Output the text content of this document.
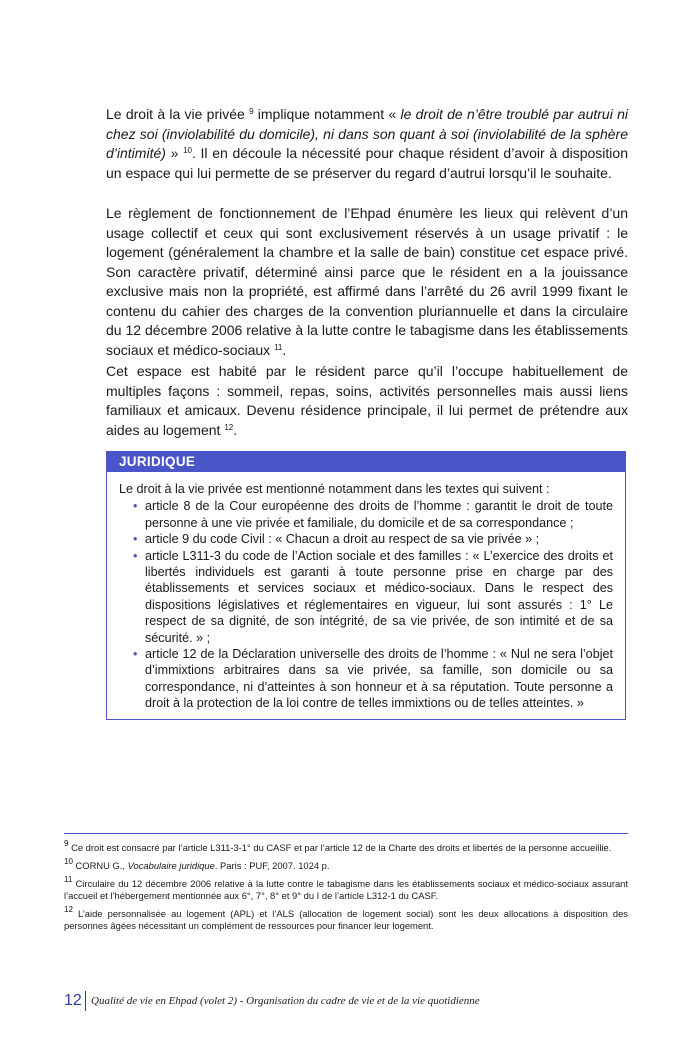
Le droit à la vie privée $^9$ implique notamment « le droit de n’être troublé par autrui ni chez soi (inviolabilité du domicile), ni dans son quant à soi (inviolabilité de la sphère d’intimité) » $^{10}$. Il en découle la nécessité pour chaque résident d’avoir à disposition un espace qui lui permette de se préserver du regard d’autrui lorsqu’il le souhaite.

Le règlement de fonctionnement de l’Ehpad énumère les lieux qui relèvent d’un usage collectif et ceux qui sont exclusivement réservés à un usage privatif : le logement (généralement la chambre et la salle de bain) constitue cet espace privé. Son caractère privatif, déterminé ainsi parce que le résident en a la jouissance exclusive mais non la propriété, est affirmé dans l’arrêté du 26 avril 1999 fixant le contenu du cahier des charges de la convention pluriannuelle et dans la circulaire du 12 décembre 2006 relative à la lutte contre le tabagisme dans les établissements sociaux et médico-sociaux $^{11}$.

Cet espace est habité par le résident parce qu’il l’occupe habituellement de multiples façons : sommeil, repas, soins, activités personnelles mais aussi liens familiaux et amicaux. Devenu résidence principale, il lui permet de prétendre aux aides au logement $^{12}$.

JURIDIQUE

Le droit à la vie privée est mentionné notamment dans les textes qui suivent :

• article 8 de la Cour européenne des droits de l’homme : garantit le droit de toute personne à une vie privée et familiale, du domicile et de sa correspondance ;
• article 9 du code Civil : « Chacun a droit au respect de sa vie privée » ;
• article L311-3 du code de l’Action sociale et des familles : « L’exercice des droits et libertés individuels est garanti à toute personne prise en charge par des établissements et services sociaux et médico-sociaux. Dans le respect des dispositions législatives et réglementaires en vigueur, lui sont assurés : 1° Le respect de sa dignité, de son intégrité, de sa vie privée, de son intimité et de sa sécurité. » ;
• article 12 de la Déclaration universelle des droits de l’homme : « Nul ne sera l’objet d’immixtions arbitraires dans sa vie privée, sa famille, son domicile ou sa correspondance, ni d’atteintes à son honneur et à sa réputation. Toute personne a droit à la protection de la loi contre de telles immixtions ou de telles atteintes. »

$^9$ Ce droit est consacré par l’article L311-3-1° du CASF et par l’article 12 de la Charte des droits et libertés de la personne accueillie.

$^{10}$ CORNU G., Vocabulaire juridique. Paris : PUF, 2007. 1024 p.

$^{11}$ Circulaire du 12 décembre 2006 relative à la lutte contre le tabagisme dans les établissements sociaux et médico-sociaux assurant l’accueil et l’hébergement mentionnée aux 6°, 7°, 8° et 9° du I de l’article L312-1 du CASF.

$^{12}$ L’aide personnalisée au logement (APL) et l’ALS (allocation de logement social) sont les deux allocations à disposition des personnes âgées nécessitant un complément de ressources pour financer leur logement.

12 Qualité de vie en Ehpad (volet 2) - Organisation du cadre de vie et de la vie quotidienne
